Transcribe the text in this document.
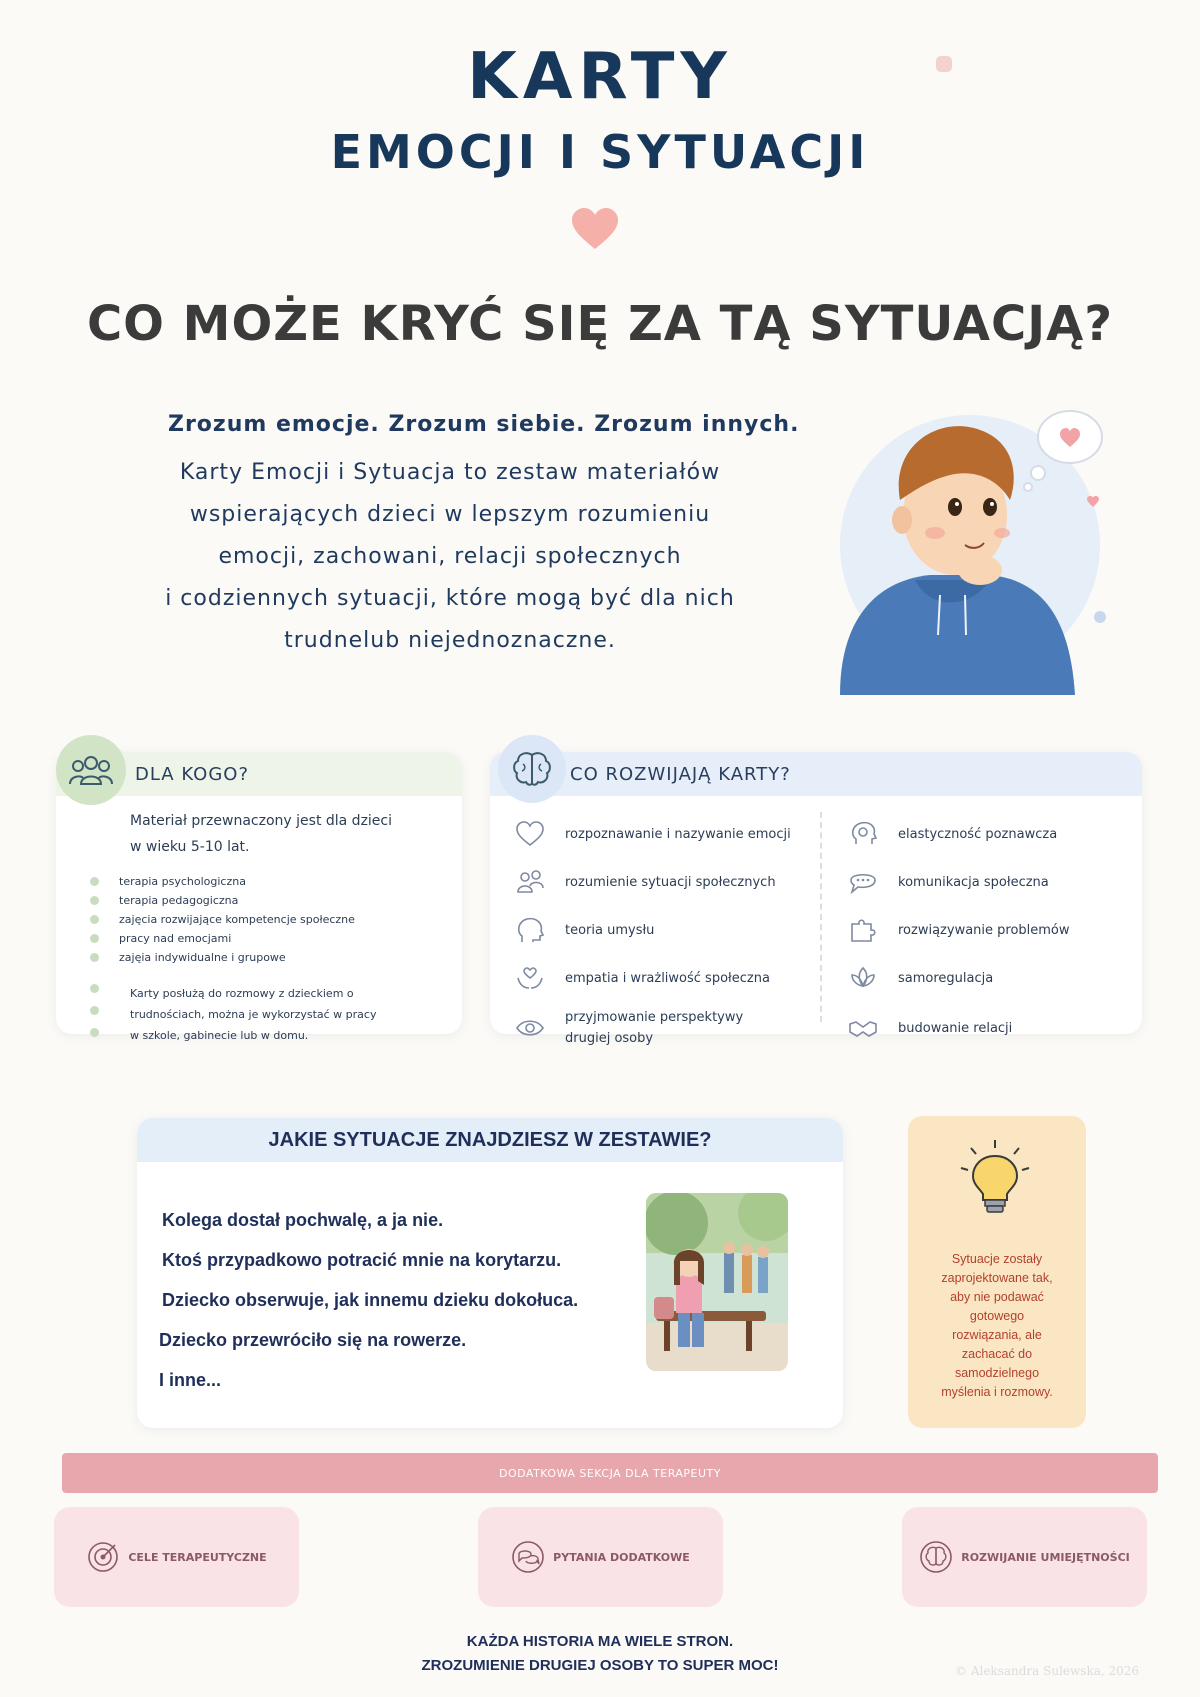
KARTY
EMOCJI I SYTUACJI
CO MOŻE KRYĆ SIĘ ZA TĄ SYTUACJĄ?
Zrozum emocje. Zrozum siebie. Zrozum innych.
Karty Emocji i Sytuacja to zestaw materiałów
wspierających dzieci w lepszym rozumieniu
emocji, zachowani, relacji społecznych
i codziennych sytuacji, które mogą być dla nich
trudnelub niejednoznaczne.
DLA KOGO?
Materiał przewnaczony jest dla dzieci
w wieku 5-10 lat.
terapia psychologiczna
terapia pedagogiczna
zajęcia rozwijające kompetencje społeczne
pracy nad emocjami
zajęia indywidualne i grupowe
Karty posłużą do rozmowy z dzieckiem o
trudnościach, można je wykorzystać w pracy
w szkole, gabinecie lub w domu.
CO ROZWIJAJĄ KARTY?
rozpoznawanie i nazywanie emocji
rozumienie sytuacji społecznych
teoria umysłu
empatia i wrażliwość społeczna
przyjmowanie perspektywy
drugiej osoby
elastyczność poznawcza
komunikacja społeczna
rozwiązywanie problemów
samoregulacja
budowanie relacji
JAKIE SYTUACJE ZNAJDZIESZ W ZESTAWIE?
Kolega dostał pochwalę, a ja nie.
Ktoś przypadkowo potracić mnie na korytarzu.
Dziecko obserwuje, jak innemu dzieku dokołuca.
Dziecko przewróciło się na rowerze.
I inne...
Sytuacje zostały
zaprojektowane tak,
aby nie podawać
gotowego
rozwiązania, ale
zachacać do
samodzielnego
myślenia i rozmowy.
DODATKOWA SEKCJA DLA TERAPEUTY
CELE TERAPEUTYCZNE	PYTANIA DODATKOWE	ROZWIJANIE UMIEJĘTNOŚCI
KAŻDA HISTORIA MA WIELE STRON.
ZROZUMIENIE DRUGIEJ OSOBY TO SUPER MOC!	© Aleksandra Sulewska, 2026
